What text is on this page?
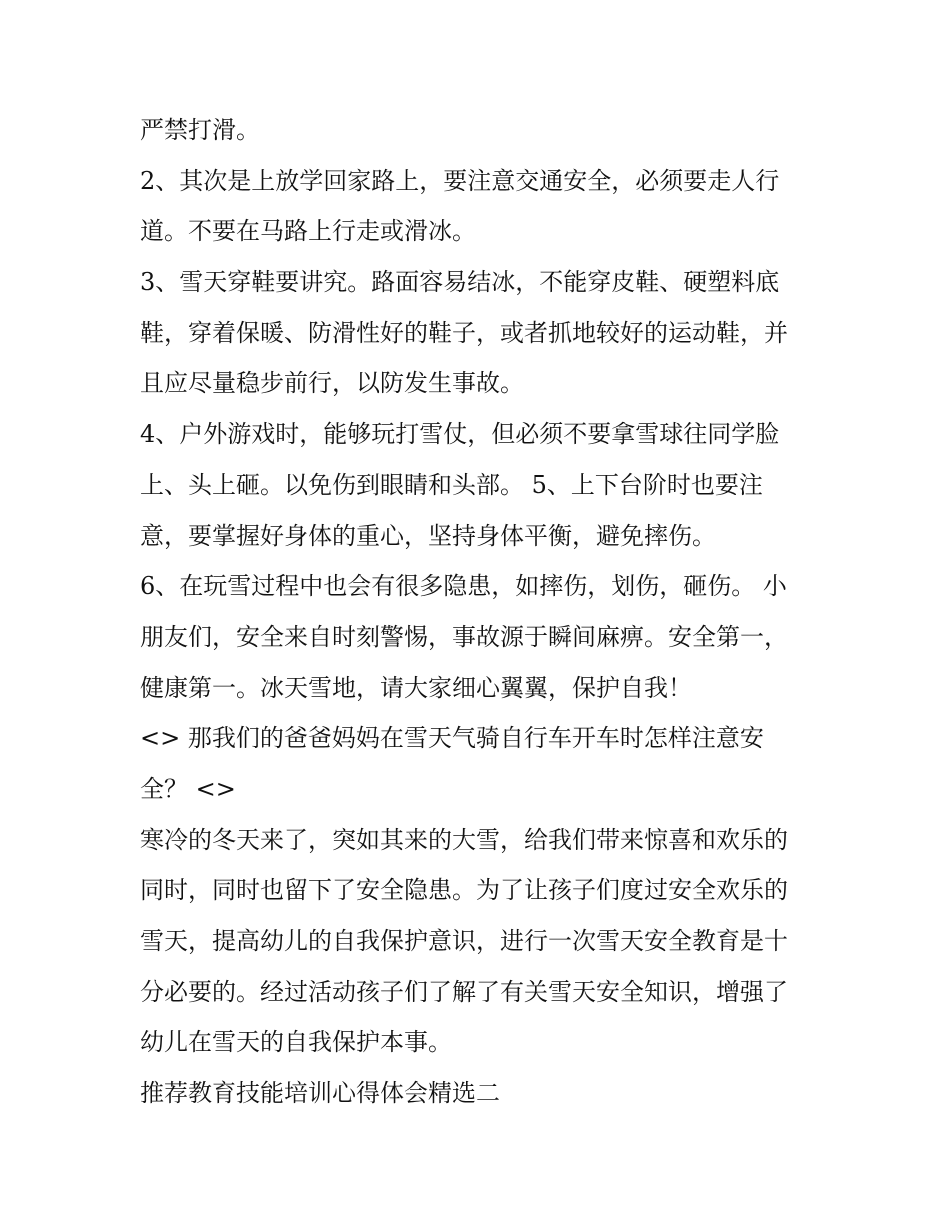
严禁打滑。
2、其次是上放学回家路上，要注意交通安全，必须要走人行
道。不要在马路上行走或滑冰。
3、雪天穿鞋要讲究。路面容易结冰，不能穿皮鞋、硬塑料底
鞋，穿着保暖、防滑性好的鞋子，或者抓地较好的运动鞋，并
且应尽量稳步前行，以防发生事故。
4、户外游戏时，能够玩打雪仗，但必须不要拿雪球往同学脸
上、头上砸。以免伤到眼睛和头部。 5、上下台阶时也要注
意，要掌握好身体的重心，坚持身体平衡，避免摔伤。
6、在玩雪过程中也会有很多隐患，如摔伤，划伤，砸伤。 小
朋友们，安全来自时刻警惕，事故源于瞬间麻痹。安全第一，
健康第一。冰天雪地，请大家细心翼翼，保护自我！
<> 那我们的爸爸妈妈在雪天气骑自行车开车时怎样注意安
全？ <>
寒冷的冬天来了，突如其来的大雪，给我们带来惊喜和欢乐的
同时，同时也留下了安全隐患。为了让孩子们度过安全欢乐的
雪天，提高幼儿的自我保护意识，进行一次雪天安全教育是十
分必要的。经过活动孩子们了解了有关雪天安全知识，增强了
幼儿在雪天的自我保护本事。
推荐教育技能培训心得体会精选二
